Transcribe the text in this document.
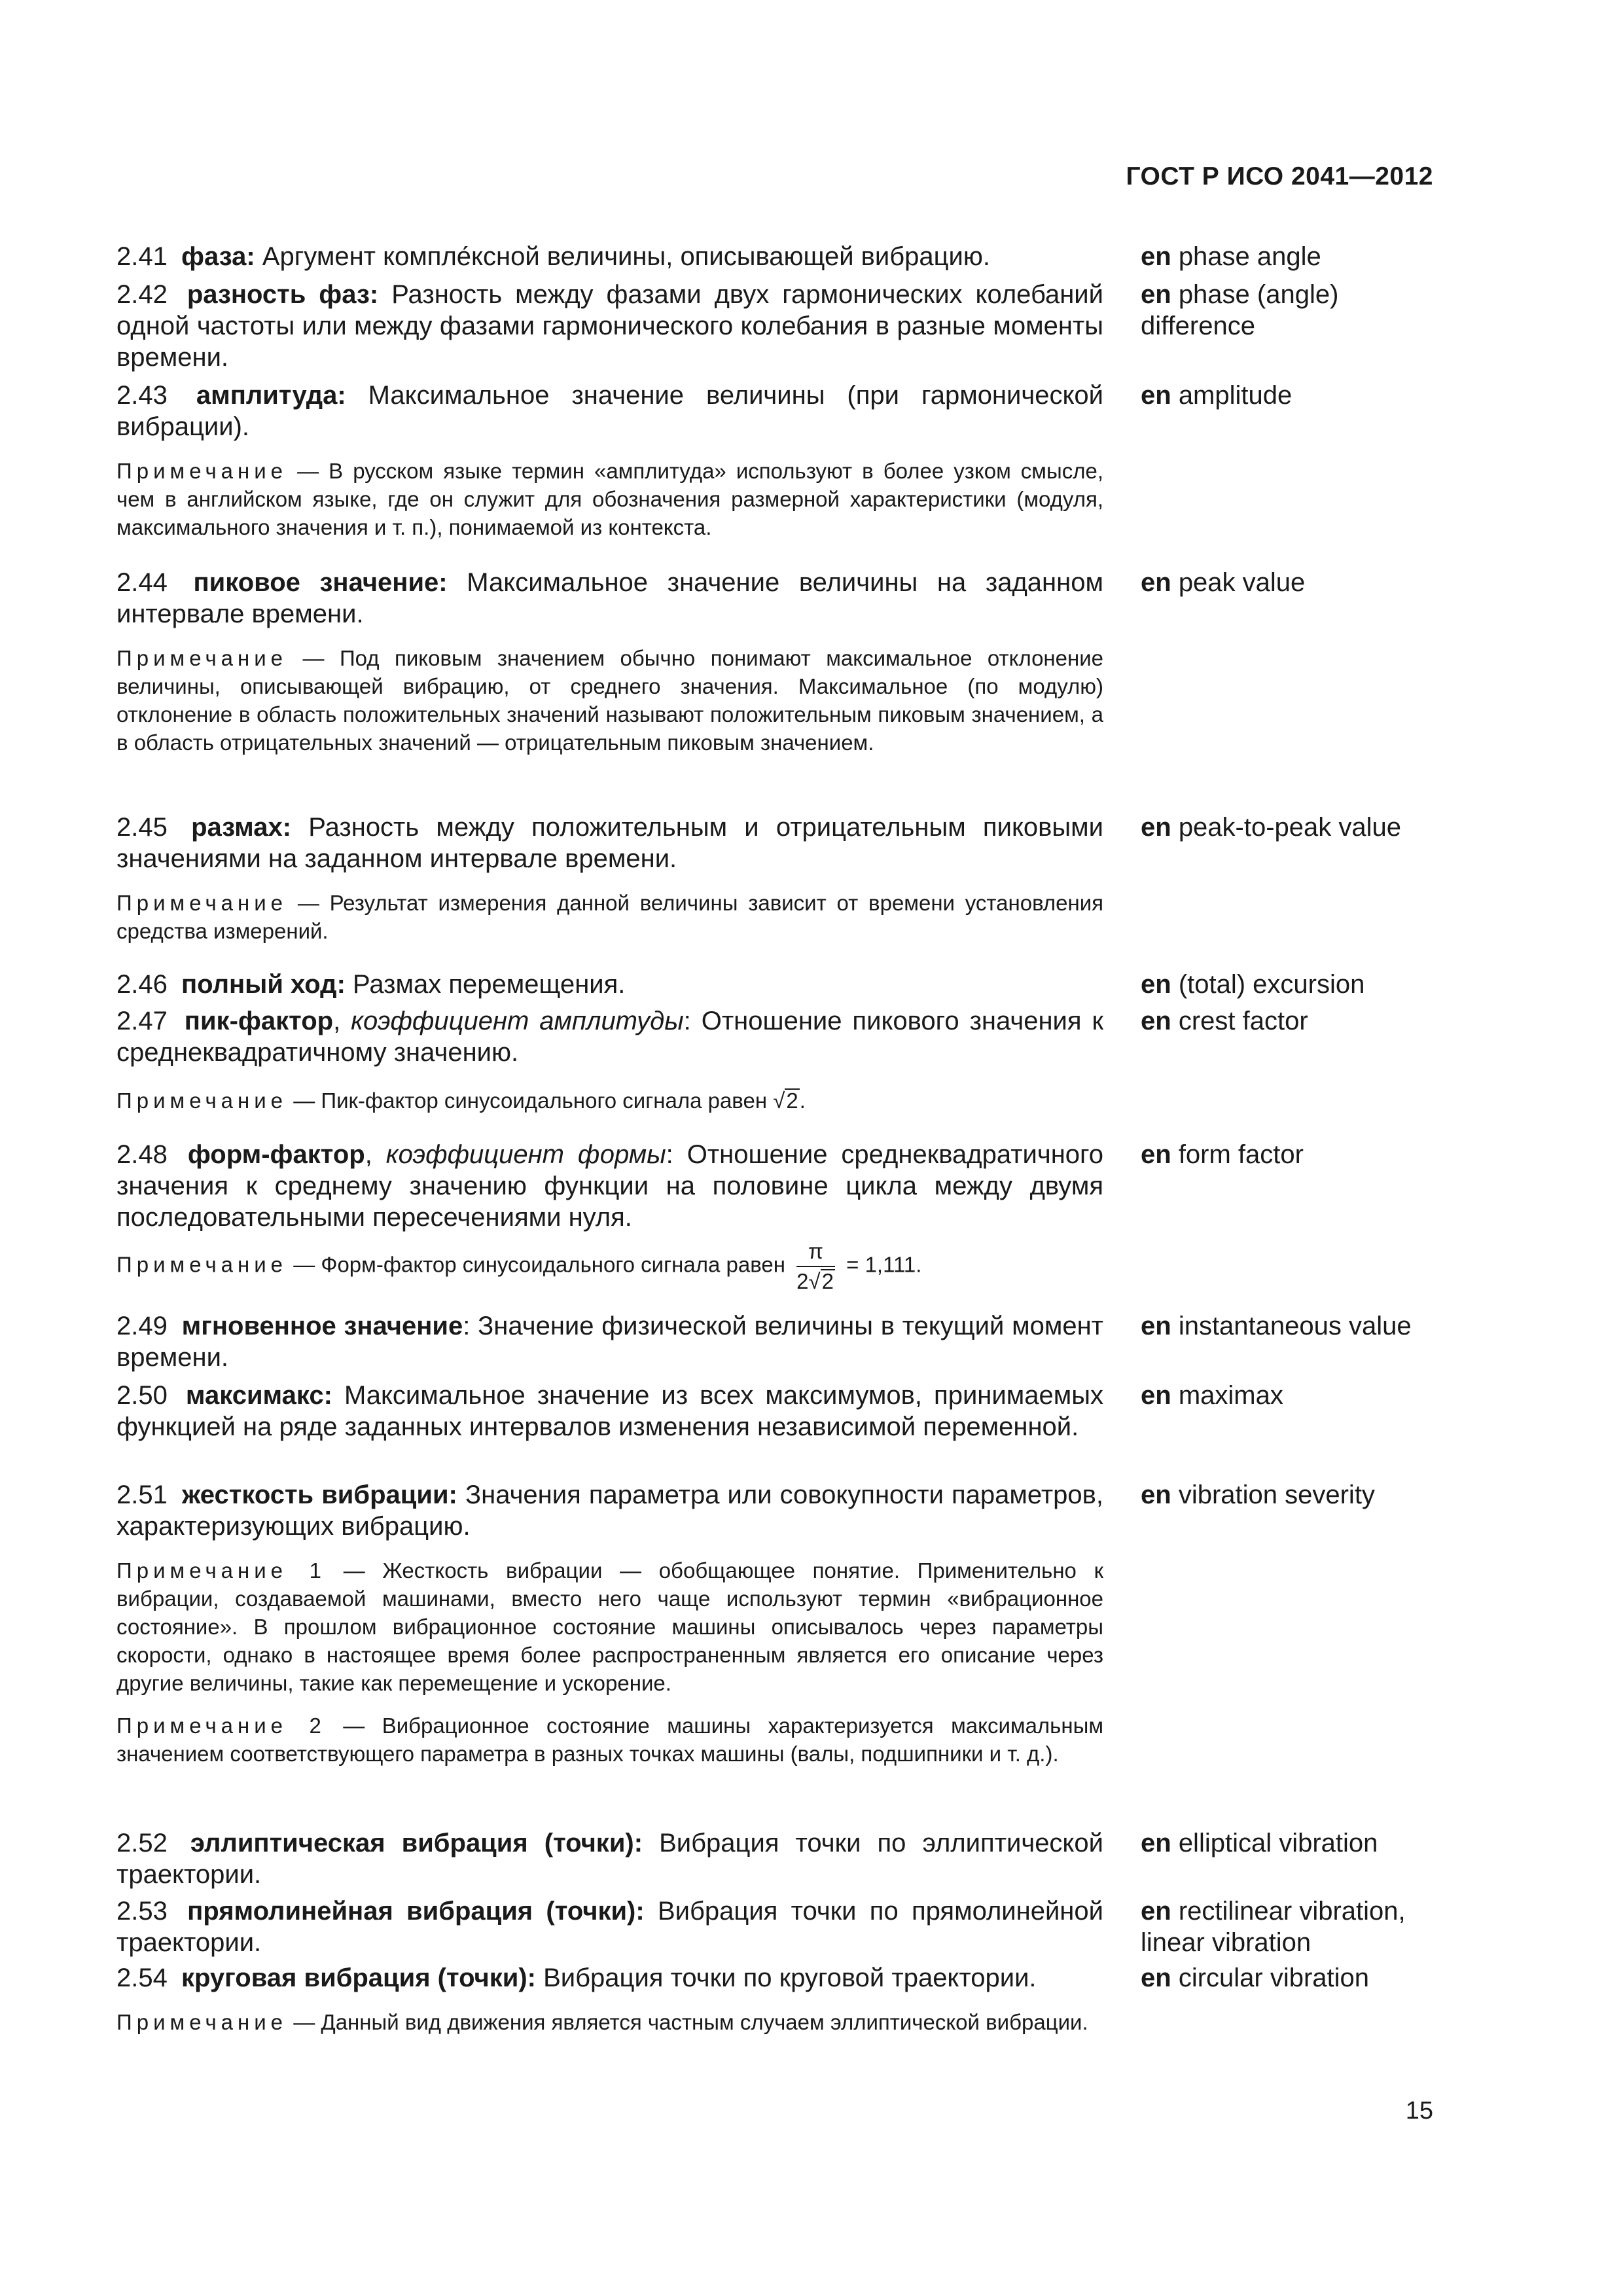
ГОСТ Р ИСО 2041—2012
2.41 фаза: Аргумент компле́ксной величины, описывающей вибрацию.	en phase angle
2.42 разность фаз: Разность между фазами двух гармонических колебаний одной частоты или между фазами гармонического колебания в разные моменты времени.
en phase (angle) difference
2.43 амплитуда: Максимальное значение величины (при гармонической вибрации).
Примечание — В русском языке термин «амплитуда» используют в более узком смысле, чем в английском языке, где он служит для обозначения размерной характеристики (модуля, максимального значения и т. п.), понимаемой из контекста.
en amplitude
2.44 пиковое значение: Максимальное значение величины на заданном интервале времени.
Примечание — Под пиковым значением обычно понимают максимальное отклонение величины, описывающей вибрацию, от среднего значения. Максимальное (по модулю) отклонение в область положительных значений называют положительным пиковым значением, а в область отрицательных значений — отрицательным пиковым значением.
en peak value
2.45 размах: Разность между положительным и отрицательным пиковыми значениями на заданном интервале времени.
Примечание — Результат измерения данной величины зависит от времени установления средства измерений.
en peak-to-peak value
2.46 полный ход: Размах перемещения.	en (total) excursion
2.47 пик-фактор, коэффициент амплитуды: Отношение пикового значения к среднеквадратичному значению.
Примечание — Пик-фактор синусоидального сигнала равен √2.
en crest factor
2.48 форм-фактор, коэффициент формы: Отношение среднеквадратичного значения к среднему значению функции на половине цикла между двумя последовательными пересечениями нуля.
Примечание — Форм-фактор синусоидального сигнала равен $\frac{\pi}{2√2} = 1,111$.
en form factor
2.49 мгновенное значение: Значение физической величины в текущий момент времени.
en instantaneous value
2.50 максимакс: Максимальное значение из всех максимумов, принимаемых функцией на ряде заданных интервалов изменения независимой переменной.
en maximax
2.51 жесткость вибрации: Значения параметра или совокупности параметров, характеризующих вибрацию.
Примечание 1 — Жесткость вибрации — обобщающее понятие. Применительно к вибрации, создаваемой машинами, вместо него чаще используют термин «вибрационное состояние». В прошлом вибрационное состояние машины описывалось через параметры скорости, однако в настоящее время более распространенным является его описание через другие величины, такие как перемещение и ускорение.
Примечание 2 — Вибрационное состояние машины характеризуется максимальным значением соответствующего параметра в разных точках машины (валы, подшипники и т. д.).
en vibration severity
2.52 эллиптическая вибрация (точки): Вибрация точки по эллиптической траектории.
en elliptical vibration
2.53 прямолинейная вибрация (точки): Вибрация точки по прямолинейной траектории.
en rectilinear vibration, linear vibration
2.54 круговая вибрация (точки): Вибрация точки по круговой траектории.
Примечание — Данный вид движения является частным случаем эллиптической вибрации.
en circular vibration
15
